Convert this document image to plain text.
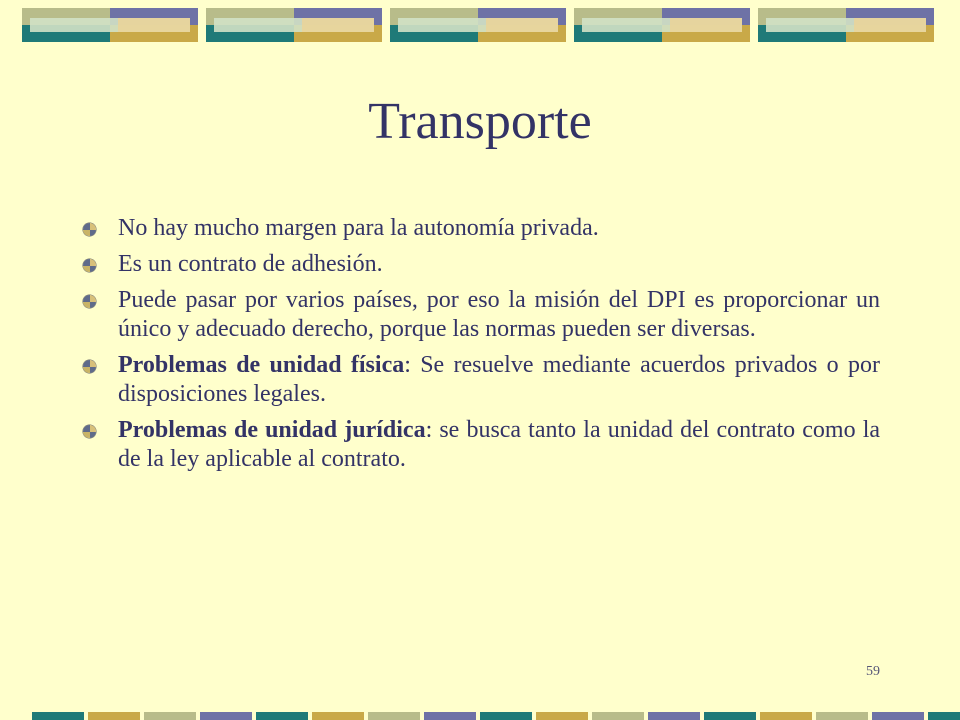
Transporte
No hay mucho margen para la autonomía privada.
Es un contrato de adhesión.
Puede pasar por varios países, por eso la misión del DPI es proporcionar un único y adecuado derecho, porque las normas pueden ser diversas.
Problemas de unidad física: Se resuelve mediante acuerdos privados o por disposiciones legales.
Problemas de unidad jurídica: se busca tanto la unidad del contrato como la de la ley aplicable al contrato.
59
